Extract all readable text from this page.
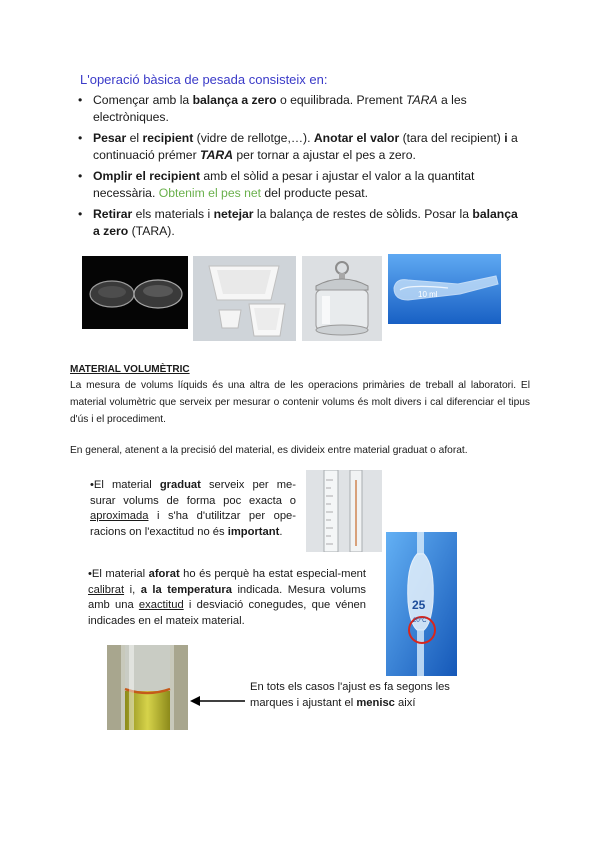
L'operació bàsica de pesada consisteix en:
• Començar amb la balança a zero o equilibrada. Prement TARA a les electròniques.
• Pesar el recipient (vidre de rellotge,…). Anotar el valor (tara del recipient) i a continuació prémer TARA per tornar a ajustar el pes a zero.
• Omplir el recipient amb el sòlid a pesar i ajustar el valor a la quantitat necessària. Obtenim el pes net del producte pesat.
• Retirar els materials i netejar la balança de restes de sòlids. Posar la balança a zero (TARA).
10 ml
MATERIAL VOLUMÈTRIC
La mesura de volums líquids és una altra de les operacions primàries de treball al laboratori. El material volumètric que serveix per mesurar o contenir volums és molt divers i cal diferenciar el tipus d'ús i el procediment.
En general, atenent a la precisió del material, es divideix entre material graduat o aforat.
•El material graduat serveix per me-surar volums de forma poc exacta o aproximada i s'ha d'utilitzar per ope-racions on l'exactitud no és important.
•El material aforat ho és perquè ha estat especial-ment calibrat i, a la temperatura indicada. Mesura volums amb una exactitud i desviació conegudes, que vénen indicades en el mateix material.
25
20°C
En tots els casos l'ajust es fa segons les marques i ajustant el menisc així
